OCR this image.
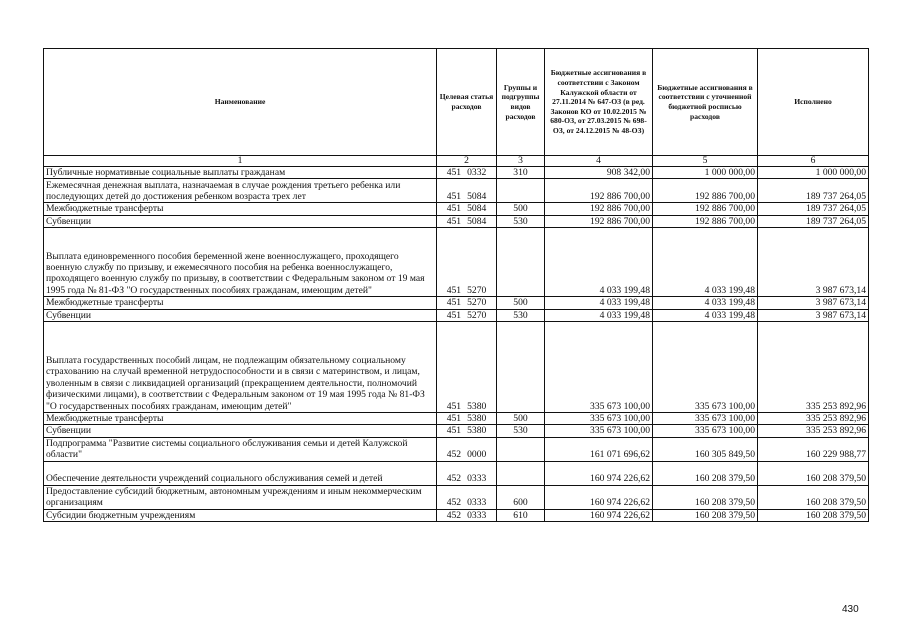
Наименование	Целевая статья расходов	Группы и подгруппы видов расходов	Бюджетные ассигнования в соответствии с Законом Калужской области от 27.11.2014 № 647-ОЗ (в ред. Законов КО от 10.02.2015 № 680-ОЗ, от 27.03.2015 № 698-ОЗ, от 24.12.2015 № 48-ОЗ)	Бюджетные ассигнования в соответствии с уточненной бюджетной росписью расходов	Исполнено
1	2	3	4	5	6
Публичные нормативные социальные выплаты гражданам	451 0332	310	908 342,00	1 000 000,00	1 000 000,00
Ежемесячная денежная выплата, назначаемая в случае рождения третьего ребенка или последующих детей до достижения ребенком возраста трех лет	451 5084		192 886 700,00	192 886 700,00	189 737 264,05
Межбюджетные трансферты	451 5084	500	192 886 700,00	192 886 700,00	189 737 264,05
Субвенции	451 5084	530	192 886 700,00	192 886 700,00	189 737 264,05
Выплата единовременного пособия беременной жене военнослужащего, проходящего военную службу по призыву, и ежемесячного пособия на ребенка военнослужащего, проходящего военную службу по призыву, в соответствии с Федеральным законом от 19 мая 1995 года № 81-ФЗ "О государственных пособиях гражданам, имеющим детей"	451 5270		4 033 199,48	4 033 199,48	3 987 673,14
Межбюджетные трансферты	451 5270	500	4 033 199,48	4 033 199,48	3 987 673,14
Субвенции	451 5270	530	4 033 199,48	4 033 199,48	3 987 673,14
Выплата государственных пособий лицам, не подлежащим обязательному социальному страхованию на случай временной нетрудоспособности и в связи с материнством, и лицам, уволенным в связи с ликвидацией организаций (прекращением деятельности, полномочий физическими лицами), в соответствии с Федеральным законом от 19 мая 1995 года № 81-ФЗ "О государственных пособиях гражданам, имеющим детей"	451 5380		335 673 100,00	335 673 100,00	335 253 892,96
Межбюджетные трансферты	451 5380	500	335 673 100,00	335 673 100,00	335 253 892,96
Субвенции	451 5380	530	335 673 100,00	335 673 100,00	335 253 892,96
Подпрограмма "Развитие системы социального обслуживания семьи и детей Калужской области"	452 0000		161 071 696,62	160 305 849,50	160 229 988,77
Обеспечение деятельности учреждений социального обслуживания семей и детей	452 0333		160 974 226,62	160 208 379,50	160 208 379,50
Предоставление субсидий бюджетным, автономным учреждениям и иным некоммерческим организациям	452 0333	600	160 974 226,62	160 208 379,50	160 208 379,50
Субсидии бюджетным учреждениям	452 0333	610	160 974 226,62	160 208 379,50	160 208 379,50
430
